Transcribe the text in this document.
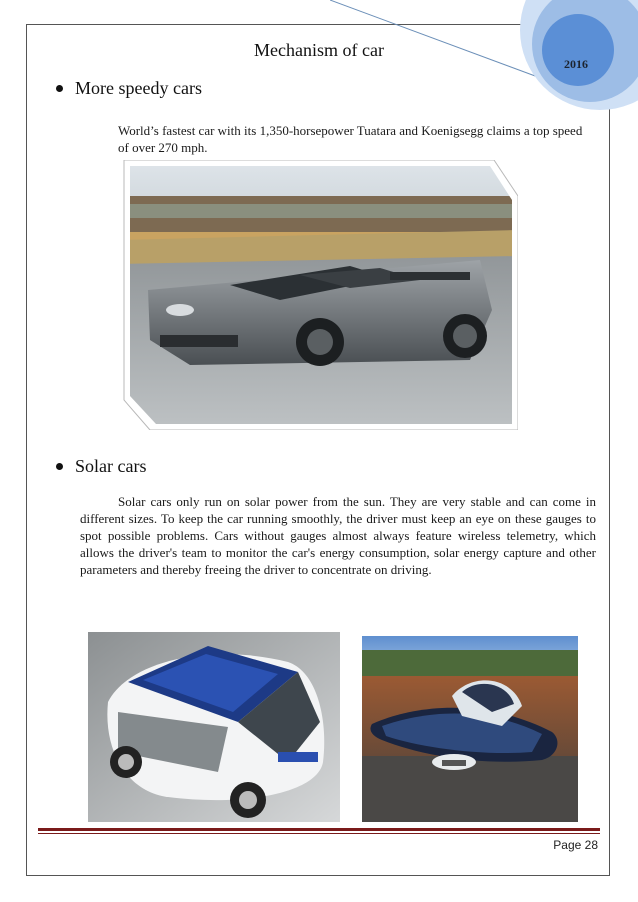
2016
Mechanism of car
More speedy cars
World’s fastest car with its 1,350-horsepower Tuatara and Koenigsegg claims a top speed of over 270 mph.
Solar cars
Solar cars only run on solar power from the sun. They are very stable and can come in different sizes. To keep the car running smoothly, the driver must keep an eye on these gauges to spot possible problems. Cars without gauges almost always feature wireless telemetry, which allows the driver's team to monitor the car's energy consumption, solar energy capture and other parameters and thereby freeing the driver to concentrate on driving.
Page 28
